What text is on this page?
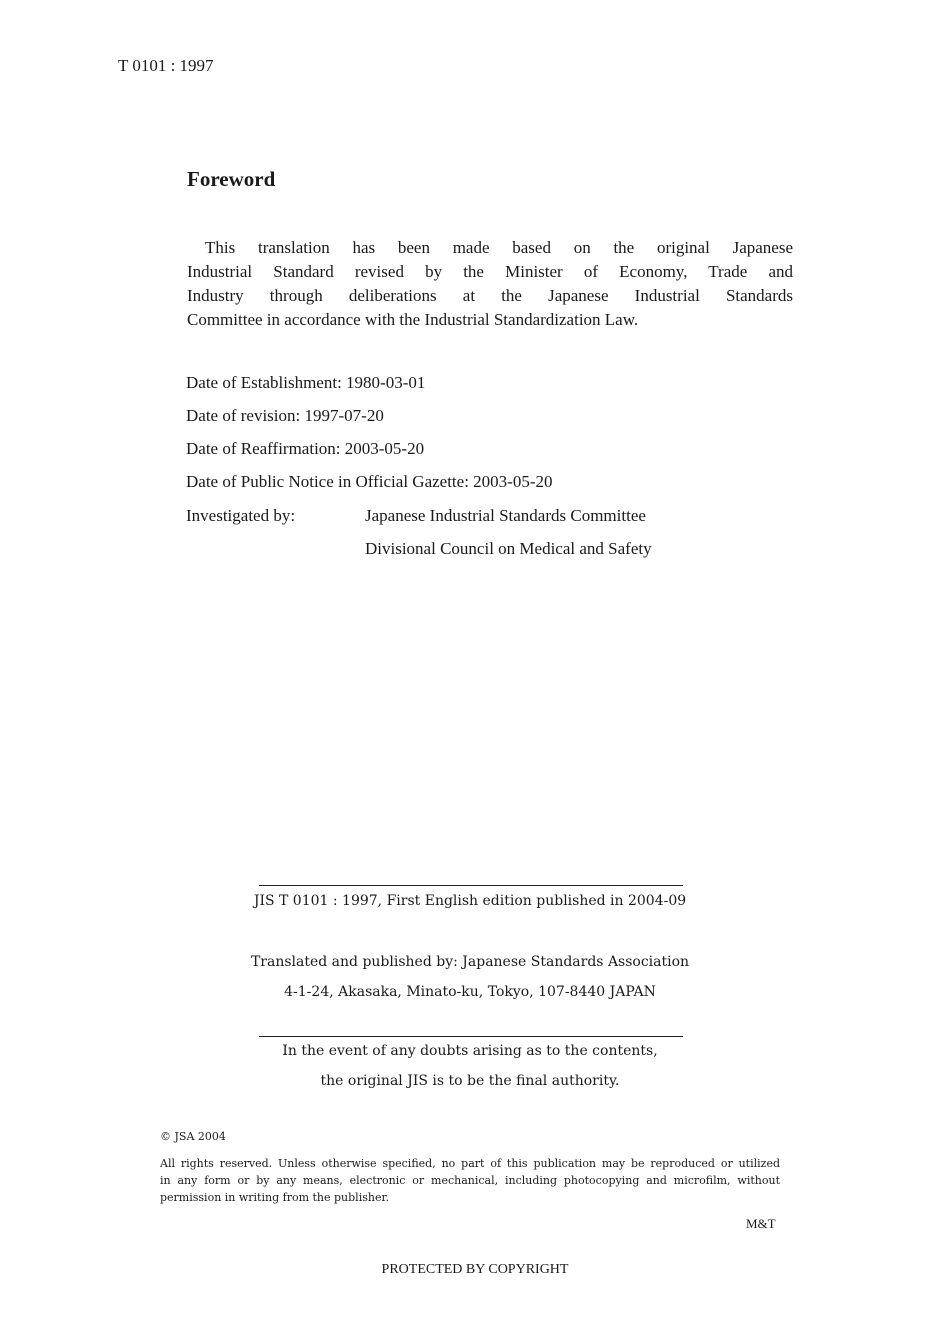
T 0101 : 1997
Foreword
This translation has been made based on the original Japanese
Industrial Standard revised by the Minister of Economy, Trade and
Industry through deliberations at the Japanese Industrial Standards
Committee in accordance with the Industrial Standardization Law.
Date of Establishment: 1980-03-01
Date of revision: 1997-07-20
Date of Reaffirmation: 2003-05-20
Date of Public Notice in Official Gazette: 2003-05-20
Investigated by:	Japanese Industrial Standards Committee
Divisional Council on Medical and Safety
JIS T 0101 : 1997, First English edition published in 2004-09
Translated and published by: Japanese Standards Association
4-1-24, Akasaka, Minato-ku, Tokyo, 107-8440 JAPAN
In the event of any doubts arising as to the contents,
the original JIS is to be the final authority.
© JSA 2004
All rights reserved. Unless otherwise specified, no part of this publication may be reproduced or utilized
in any form or by any means, electronic or mechanical, including photocopying and microfilm, without
permission in writing from the publisher.
M&T
PROTECTED BY COPYRIGHT
